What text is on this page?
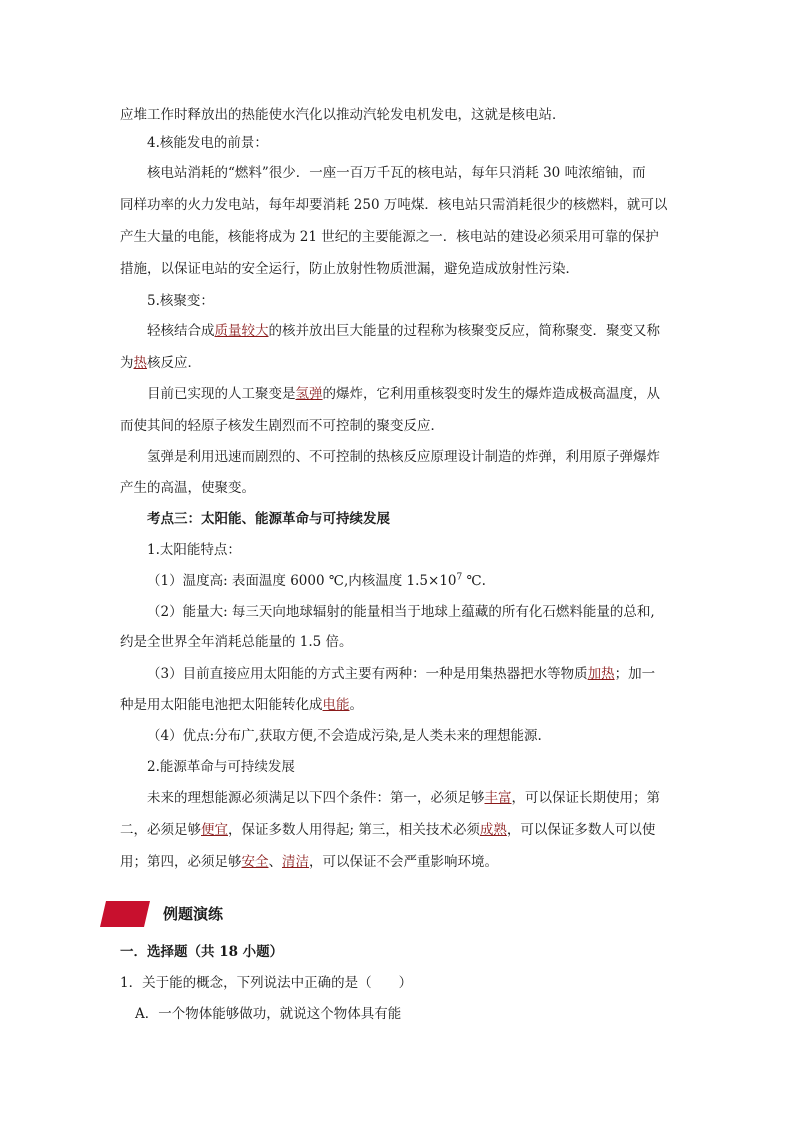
应堆工作时释放出的热能使水汽化以推动汽轮发电机发电，这就是核电站．
4.核能发电的前景：
核电站消耗的“燃料”很少．一座一百万千瓦的核电站，每年只消耗 30 吨浓缩铀，而
同样功率的火力发电站，每年却要消耗 250 万吨煤．核电站只需消耗很少的核燃料，就可以
产生大量的电能，核能将成为 21 世纪的主要能源之一．核电站的建设必须采用可靠的保护
措施，以保证电站的安全运行，防止放射性物质泄漏，避免造成放射性污染．
5.核聚变：
轻核结合成质量较大的核并放出巨大能量的过程称为核聚变反应，简称聚变．聚变又称
为热核反应．
目前已实现的人工聚变是氢弹的爆炸，它利用重核裂变时发生的爆炸造成极高温度，从
而使其间的轻原子核发生剧烈而不可控制的聚变反应．
氢弹是利用迅速而剧烈的、不可控制的热核反应原理设计制造的炸弹，利用原子弹爆炸
产生的高温，使聚变。
考点三：太阳能、能源革命与可持续发展
1.太阳能特点：
（1）温度高: 表面温度 6000 ℃,内核温度 $1.5\times 10^7$ ℃.
（2）能量大: 每三天向地球辐射的能量相当于地球上蕴藏的所有化石燃料能量的总和,
约是全世界全年消耗总能量的 1.5 倍。
（3）目前直接应用太阳能的方式主要有两种：一种是用集热器把水等物质加热；加一
种是用太阳能电池把太阳能转化成电能。
（4）优点:分布广,获取方便,不会造成污染,是人类未来的理想能源.
2.能源革命与可持续发展
未来的理想能源必须满足以下四个条件：第一，必须足够丰富，可以保证长期使用；第
二，必须足够便宜，保证多数人用得起; 第三，相关技术必须成熟，可以保证多数人可以使
用；第四，必须足够安全、清洁，可以保证不会严重影响环境。
例题演练
一．选择题（共 18 小题）
1．关于能的概念，下列说法中正确的是（　　）
A．一个物体能够做功，就说这个物体具有能
